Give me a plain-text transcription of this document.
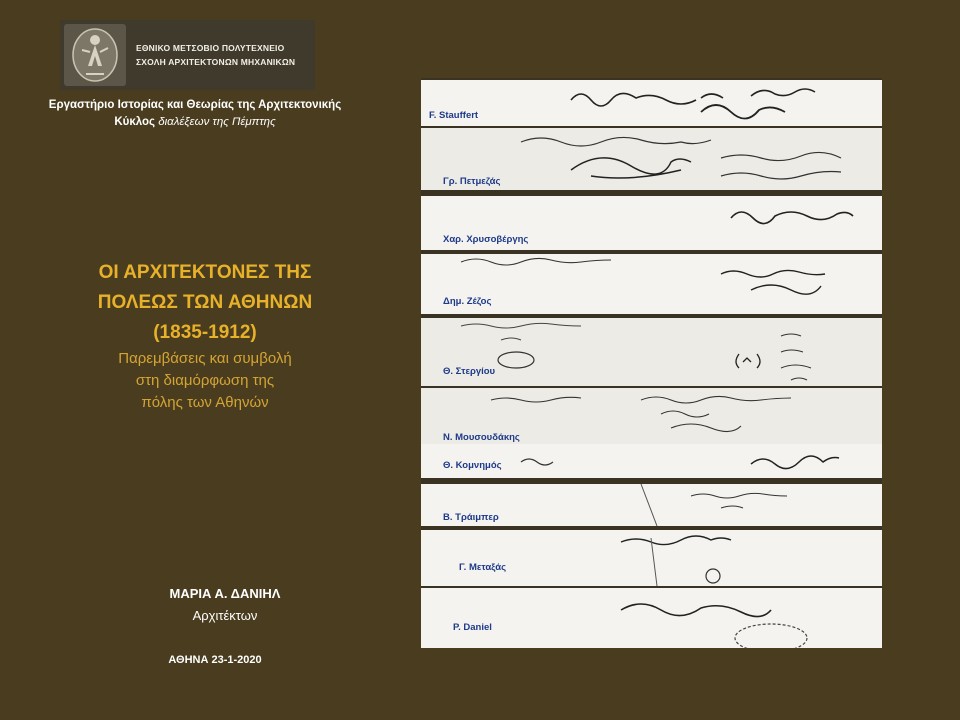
ΕΘΝΙΚΟ ΜΕΤΣΟΒΙΟ ΠΟΛΥΤΕΧΝΕΙΟ
ΣΧΟΛΗ ΑΡΧΙΤΕΚΤΟΝΩΝ ΜΗΧΑΝΙΚΩΝ
Εργαστήριο Ιστορίας και Θεωρίας της Αρχιτεκτονικής
Κύκλος διαλέξεων της Πέμπτης
ΟΙ ΑΡΧΙΤΕΚΤΟΝΕΣ ΤΗΣ
ΠΟΛΕΩΣ ΤΩΝ ΑΘΗΝΩΝ
(1835-1912)
Παρεμβάσεις και συμβολή
στη διαμόρφωση της
πόλης των Αθηνών
ΜΑΡΙΑ Α. ΔΑΝΙΗΛ
Αρχιτέκτων
ΑΘΗΝΑ 23-1-2020
F. Stauffert
Γρ. Πετμεζάς
Χαρ. Χρυσοβέργης
Δημ. Ζέζος
Θ. Στεργίου
Ν. Μουσουδάκης
Θ. Κομνημός
Β. Τράιμπερ
Γ. Μεταξάς
P. Daniel
